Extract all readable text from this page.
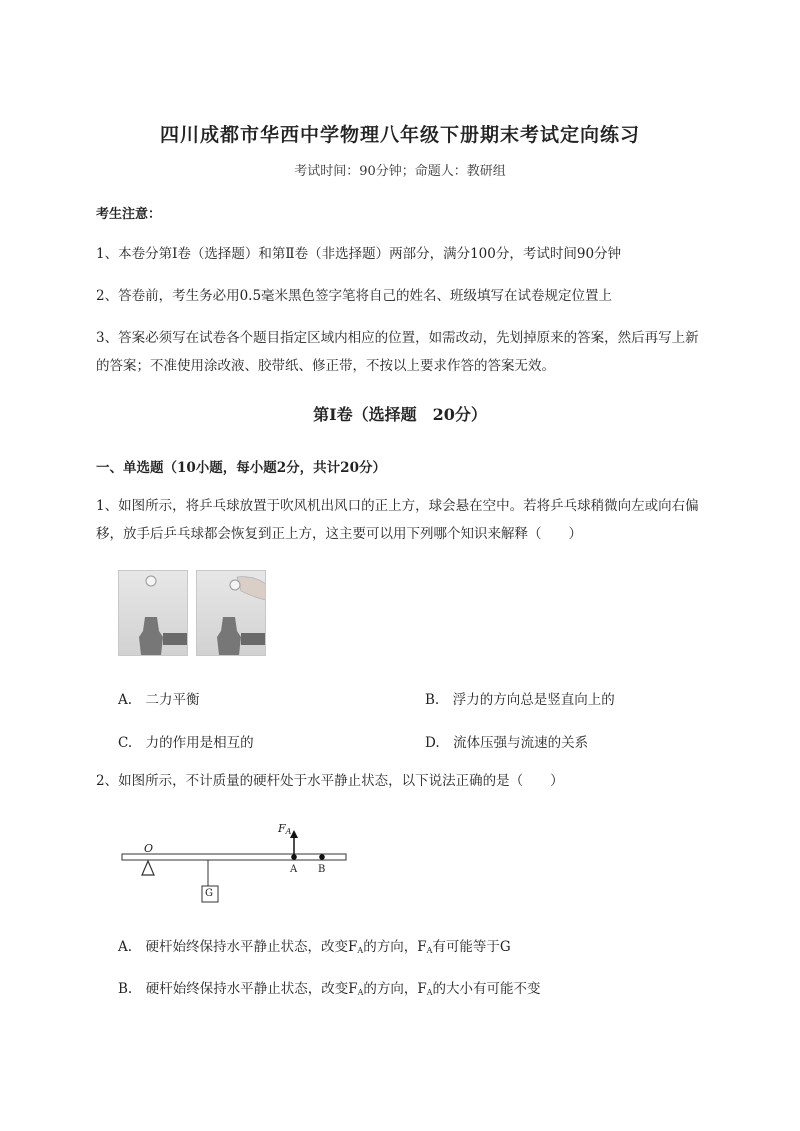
四川成都市华西中学物理八年级下册期末考试定向练习
考试时间：90分钟；命题人：教研组
考生注意：
1、本卷分第I卷（选择题）和第Ⅱ卷（非选择题）两部分，满分100分，考试时间90分钟
2、答卷前，考生务必用0.5毫米黑色签字笔将自己的姓名、班级填写在试卷规定位置上
3、答案必须写在试卷各个题目指定区域内相应的位置，如需改动，先划掉原来的答案，然后再写上新的答案；不准使用涂改液、胶带纸、修正带，不按以上要求作答的答案无效。
第I卷（选择题　20分）
一、单选题（10小题，每小题2分，共计20分）
1、如图所示，将乒乓球放置于吹风机出风口的正上方，球会悬在空中。若将乒乓球稍微向左或向右偏移，放手后乒乓球都会恢复到正上方，这主要可以用下列哪个知识来解释（　　）
A.　二力平衡	B.　浮力的方向总是竖直向上的
C.　力的作用是相互的	D.　流体压强与流速的关系
2、如图所示，不计质量的硬杆处于水平静止状态，以下说法正确的是（　　）
O
$F_A$
A B
G
A.　硬杆始终保持水平静止状态，改变$F_A$的方向，$F_A$有可能等于G
B.　硬杆始终保持水平静止状态，改变$F_A$的方向，$F_A$的大小有可能不变
